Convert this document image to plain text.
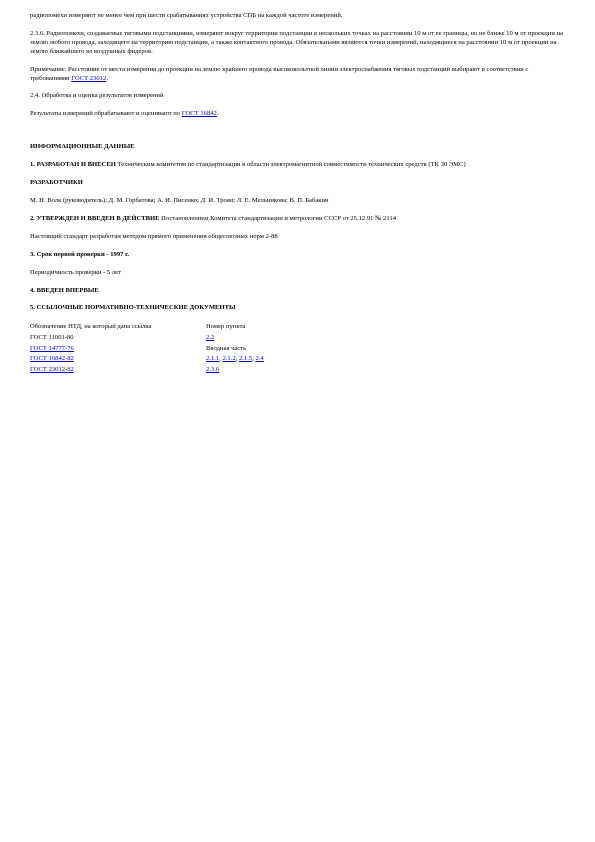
радиопомехи измеряют не менее чем при шести срабатываниях устройства СПБ на каждой частоте измерений.

2.3.6. Радиопомехи, создаваемые тяговыми подстанциями, измеряют вокруг территории подстанции в нескольких точках на расстоянии 10 м от ее границы, но не ближе 10 м от проекции на землю любого провода, заходящего на территорию подстанции, а также контактного провода. Обязательными являются точки измерений, находящиеся на расстоянии 10 м от проекции на землю ближайшего из воздушных фидеров.

Примечание. Расстояние от места измерения до проекции на землю крайнего провода высоковольтной линии электроснабжения тяговых подстанций выбирают в соответствии с требованиями ГОСТ 23012.

2.4. Обработка и оценка результатов измерений

Результаты измерений обрабатывают и оценивают по ГОСТ 16842.

ИНФОРМАЦИОННЫЕ ДАННЫЕ

1. РАЗРАБОТАН И ВНЕСЕН Техническим комитетом по стандартизации в области электромагнитной совместимости технических средств (ТК 30 ЭМС)

РАЗРАБОТЧИКИ

М. Н. Волк (руководитель); Д. М. Горбатова; А. И. Писенко; Д. И. Троян; Л. Е. Мельникова; В. П. Бабакин

2. УТВЕРЖДЕН И ВВЕДЕН В ДЕЙСТВИЕ Постановлением Комитета стандартизации и метрологии СССР от 25.12.91 № 2114

Настоящий стандарт разработан методом прямого применения общесоюзных норм 2-88

3. Срок первой проверки - 1997 г.

Периодичность проверки - 5 лет

4. ВВЕДЕН ВПЕРВЫЕ

5. ССЫЛОЧНЫЕ НОРМАТИВНО-ТЕХНИЧЕСКИЕ ДОКУМЕНТЫ

Обозначение НТД, на который дана ссылка	Номер пункта
ГОСТ 11001-80	2.2
ГОСТ 14777-76	Вводная часть
ГОСТ 16842-82	2.1.1, 2.1.2, 2.1.5, 2.4
ГОСТ 23012-82	2.3.6
